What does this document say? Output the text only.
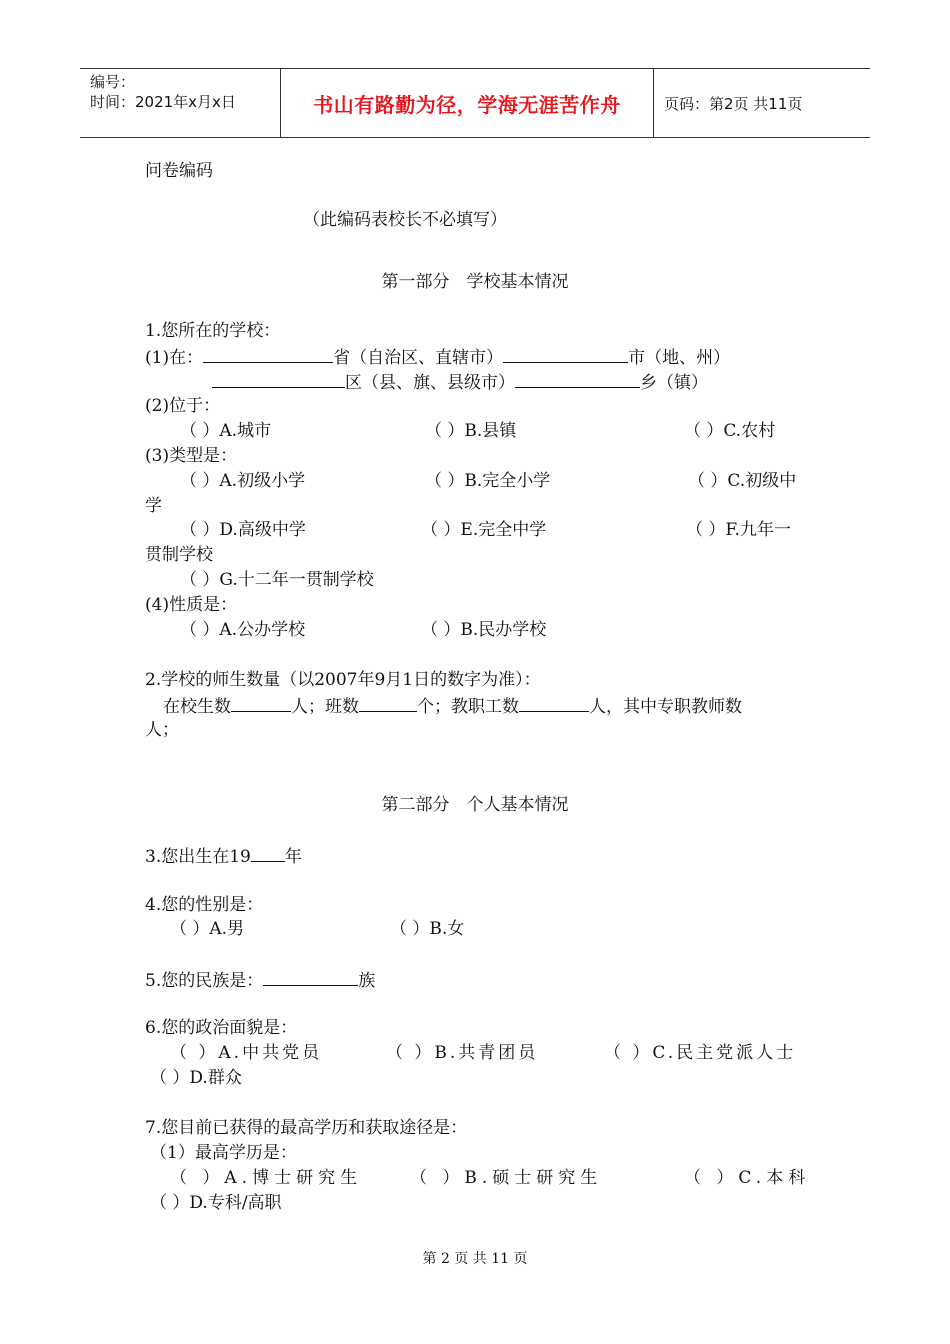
编号：
时间：2021年x月x日	书山有路勤为径，学海无涯苦作舟	页码：第2页 共11页
问卷编码
（此编码表校长不必填写）
第一部分　学校基本情况
1.您所在的学校：
(1)在：	省（自治区、直辖市）	市（地、州）
区（县、旗、县级市）	乡（镇）
(2)位于：
（ ）A.城市	（ ）B.县镇	（ ）C.农村
(3)类型是：
（ ）A.初级小学	（ ）B.完全小学	（ ）C.初级中
学
（ ）D.高级中学	（ ）E.完全中学	（ ）F.九年一
贯制学校
（ ）G.十二年一贯制学校
(4)性质是：
（ ）A.公办学校	（ ）B.民办学校
2.学校的师生数量（以2007年9月1日的数字为准）：
在校生数	人；班数	个；教职工数	人，其中专职教师数
人；
第二部分　个人基本情况
3.您出生在19 年
4.您的性别是：
（ ）A.男	（ ）B.女
5.您的民族是：	族
6.您的政治面貌是：
（ ）A.中共党员	（ ）B.共青团员	（ ）C.民主党派人士
（ ）D.群众
7.您目前已获得的最高学历和获取途径是：
（1）最高学历是：
（ ）A.博士研究生	（ ）B.硕士研究生	（ ）C.本科
（ ）D.专科/高职
第 2 页 共 11 页
